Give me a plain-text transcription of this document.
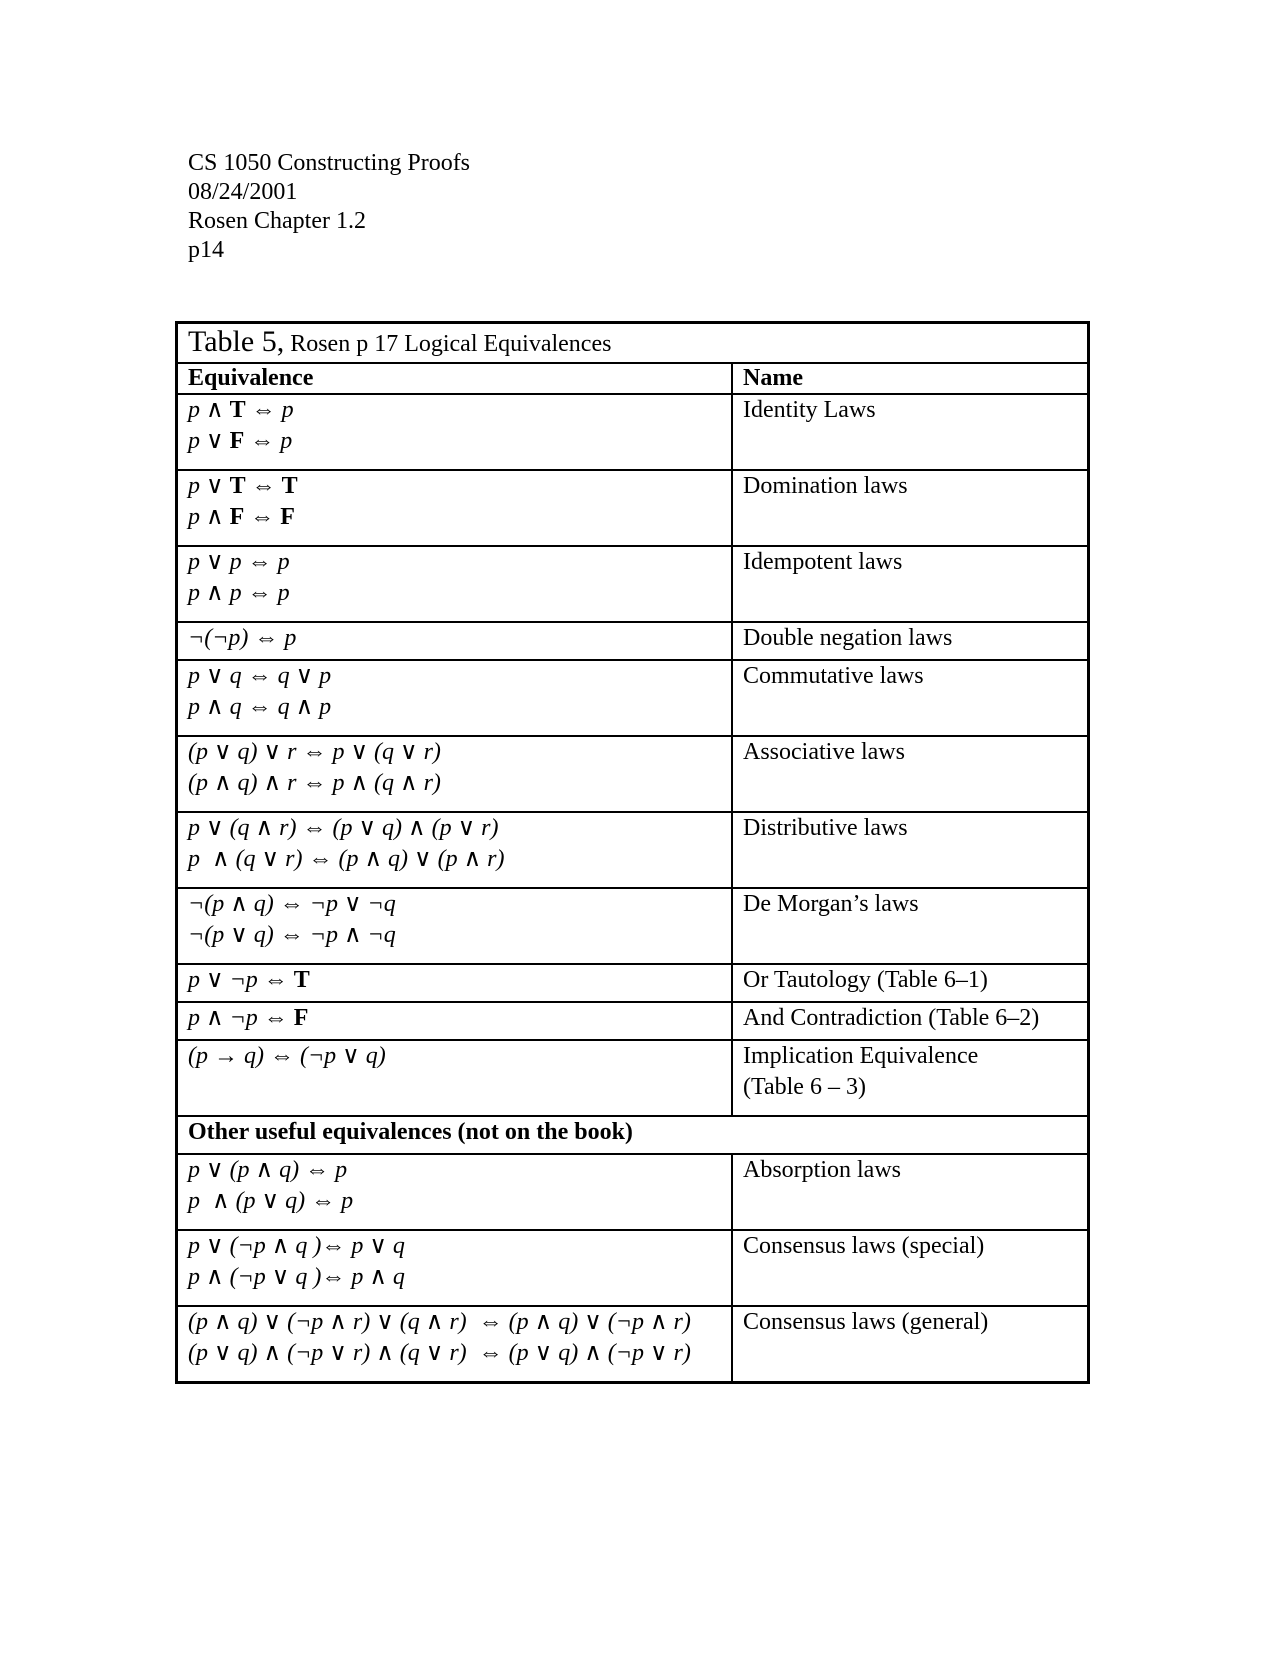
CS 1050 Constructing Proofs
08/24/2001
Rosen Chapter 1.2
p14
Table 5, Rosen p 17 Logical Equivalences	
Equivalence	Name

p ∧ T ⇔ p
p ∨ F ⇔ p	Identity Laws

p ∨ T ⇔ T
p ∧ F ⇔ F	Domination laws

p ∨ p ⇔ p
p ∧ p ⇔ p	Idempotent laws

¬(¬p) ⇔ p	Double negation laws

p ∨ q ⇔ q ∨ p
p ∧ q ⇔ q ∧ p	Commutative laws

(p ∨ q) ∨ r ⇔ p ∨ (q ∨ r)
(p ∧ q) ∧ r ⇔ p ∧ (q ∧ r)	Associative laws

p ∨ (q ∧ r) ⇔ (p ∨ q) ∧ (p ∨ r)
p  ∧ (q ∨ r) ⇔ (p ∧ q) ∨ (p ∧ r)	Distributive laws

¬(p ∧ q) ⇔ ¬p ∨ ¬q
¬(p ∨ q) ⇔ ¬p ∧ ¬q	De Morgan’s laws

p ∨ ¬p ⇔ T	Or Tautology (Table 6–1)

p ∧ ¬p ⇔ F	And Contradiction (Table 6–2)

(p → q) ⇔ (¬p ∨ q)	Implication Equivalence
(Table 6 – 3)

Other useful equivalences (not on the book)	

p ∨ (p ∧ q) ⇔ p
p  ∧ (p ∨ q) ⇔ p	Absorption laws

p ∨ (¬p ∧ q )⇔ p ∨ q
p ∧ (¬p ∨ q )⇔ p ∧ q	Consensus laws (special)

(p ∧ q) ∨ (¬p ∧ r) ∨ (q ∧ r)  ⇔ (p ∧ q) ∨ (¬p ∧ r)
(p ∨ q) ∧ (¬p ∨ r) ∧ (q ∨ r)  ⇔ (p ∨ q) ∧ (¬p ∨ r)	Consensus laws (general)
